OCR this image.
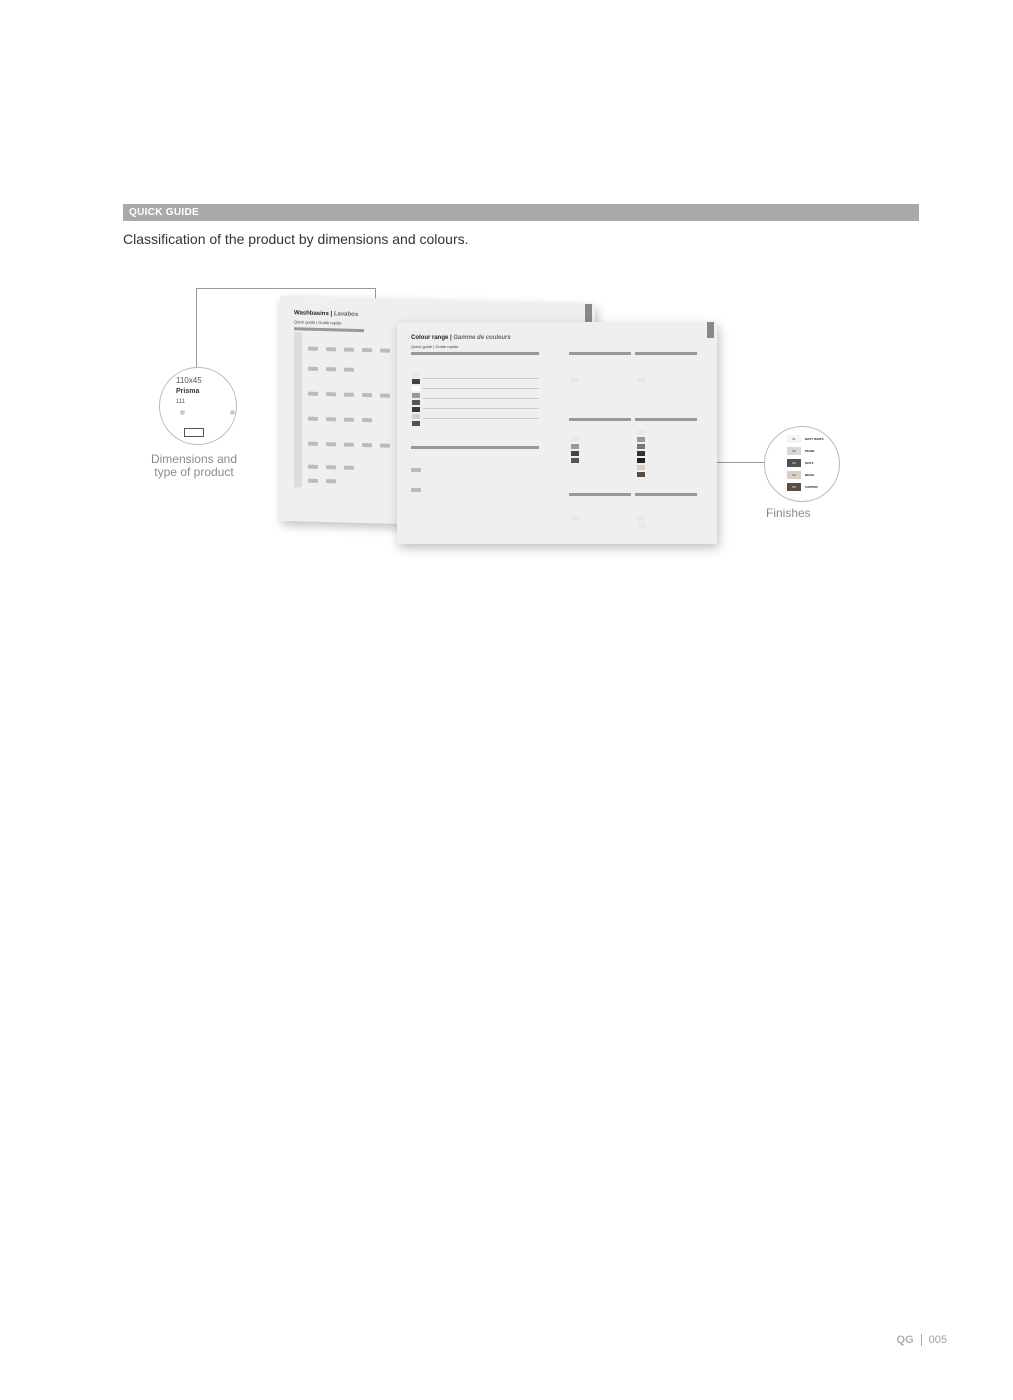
QUICK GUIDE
Classification of the product by dimensions and colours.
Washbasins | Lavabos
Quick guide | Guide rapide
Colour range | Gamme de couleurs
Quick guide | Guide rapide
110x45
Prisma
111
Dimensions and
type of product
01	MATT WHITE
02	PEARL
03	ONYX
04	BEIGE
05	COPPER
Finishes
QG 005
